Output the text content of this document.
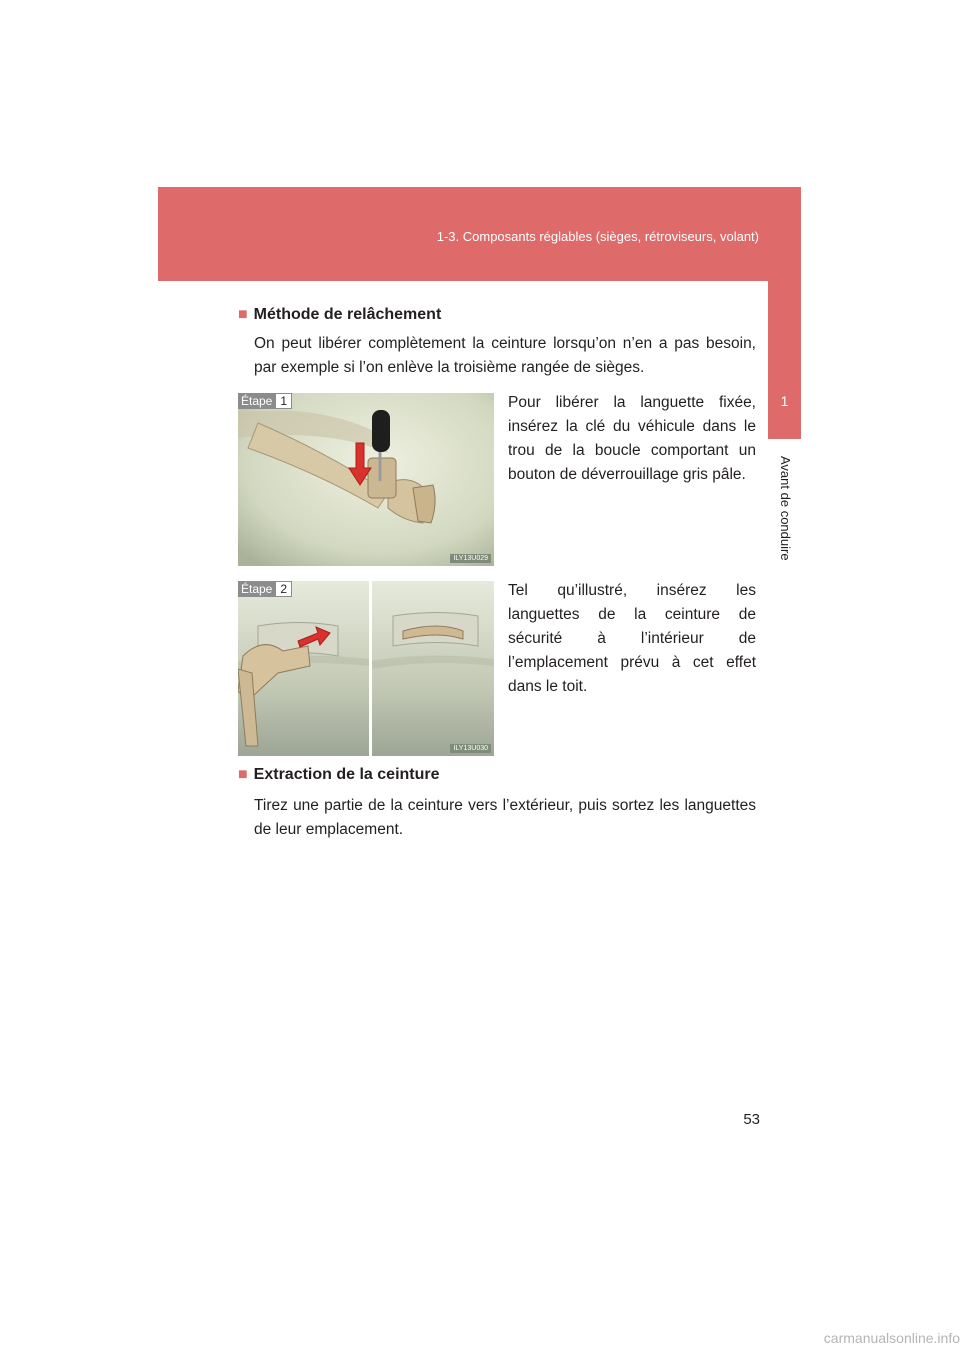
1-3. Composants réglables (sièges, rétroviseurs, volant)
1
Avant de conduire
■ Méthode de relâchement
On peut libérer complètement la ceinture lorsqu’on n’en a pas besoin, par exemple si l’on enlève la troisième rangée de sièges.
Étape 1
ILY13U029
Pour libérer la languette fixée, insérez la clé du véhicule dans le trou de la boucle comportant un bouton de déverrouillage gris pâle.
Étape 2
ILY13U030
Tel qu’illustré, insérez les languettes de la ceinture de sécurité à l’intérieur de l’emplacement prévu à cet effet dans le toit.
■ Extraction de la ceinture
Tirez une partie de la ceinture vers l’extérieur, puis sortez les languettes de leur emplacement.
53
carmanualsonline.info
